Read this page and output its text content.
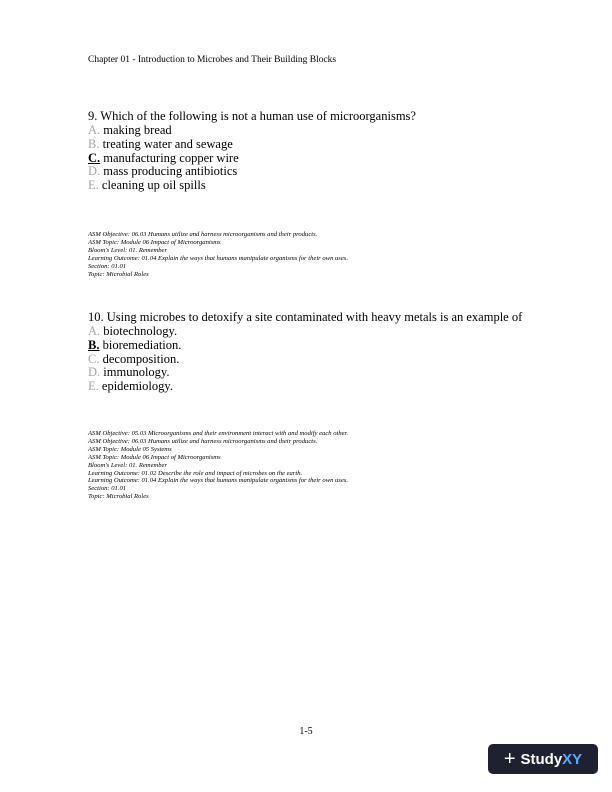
Chapter 01 - Introduction to Microbes and Their Building Blocks
9. Which of the following is not a human use of microorganisms?
A. making bread
B. treating water and sewage
C. manufacturing copper wire
D. mass producing antibiotics
E. cleaning up oil spills
ASM Objective: 06.03 Humans utilize and harness microorganisms and their products.
ASM Topic: Module 06 Impact of Microorganisms
Bloom's Level: 01. Remember
Learning Outcome: 01.04 Explain the ways that humans manipulate organisms for their own uses.
Section: 01.01
Topic: Microbial Roles
10. Using microbes to detoxify a site contaminated with heavy metals is an example of
A. biotechnology.
B. bioremediation.
C. decomposition.
D. immunology.
E. epidemiology.
ASM Objective: 05.03 Microorganisms and their environment interact with and modify each other.
ASM Objective: 06.03 Humans utilize and harness microorganisms and their products.
ASM Topic: Module 05 Systems
ASM Topic: Module 06 Impact of Microorganisms
Bloom's Level: 01. Remember
Learning Outcome: 01.02 Describe the role and impact of microbes on the earth.
Learning Outcome: 01.04 Explain the ways that humans manipulate organisms for their own uses.
Section: 01.01
Topic: Microbial Roles
1-5
+ Study XY
